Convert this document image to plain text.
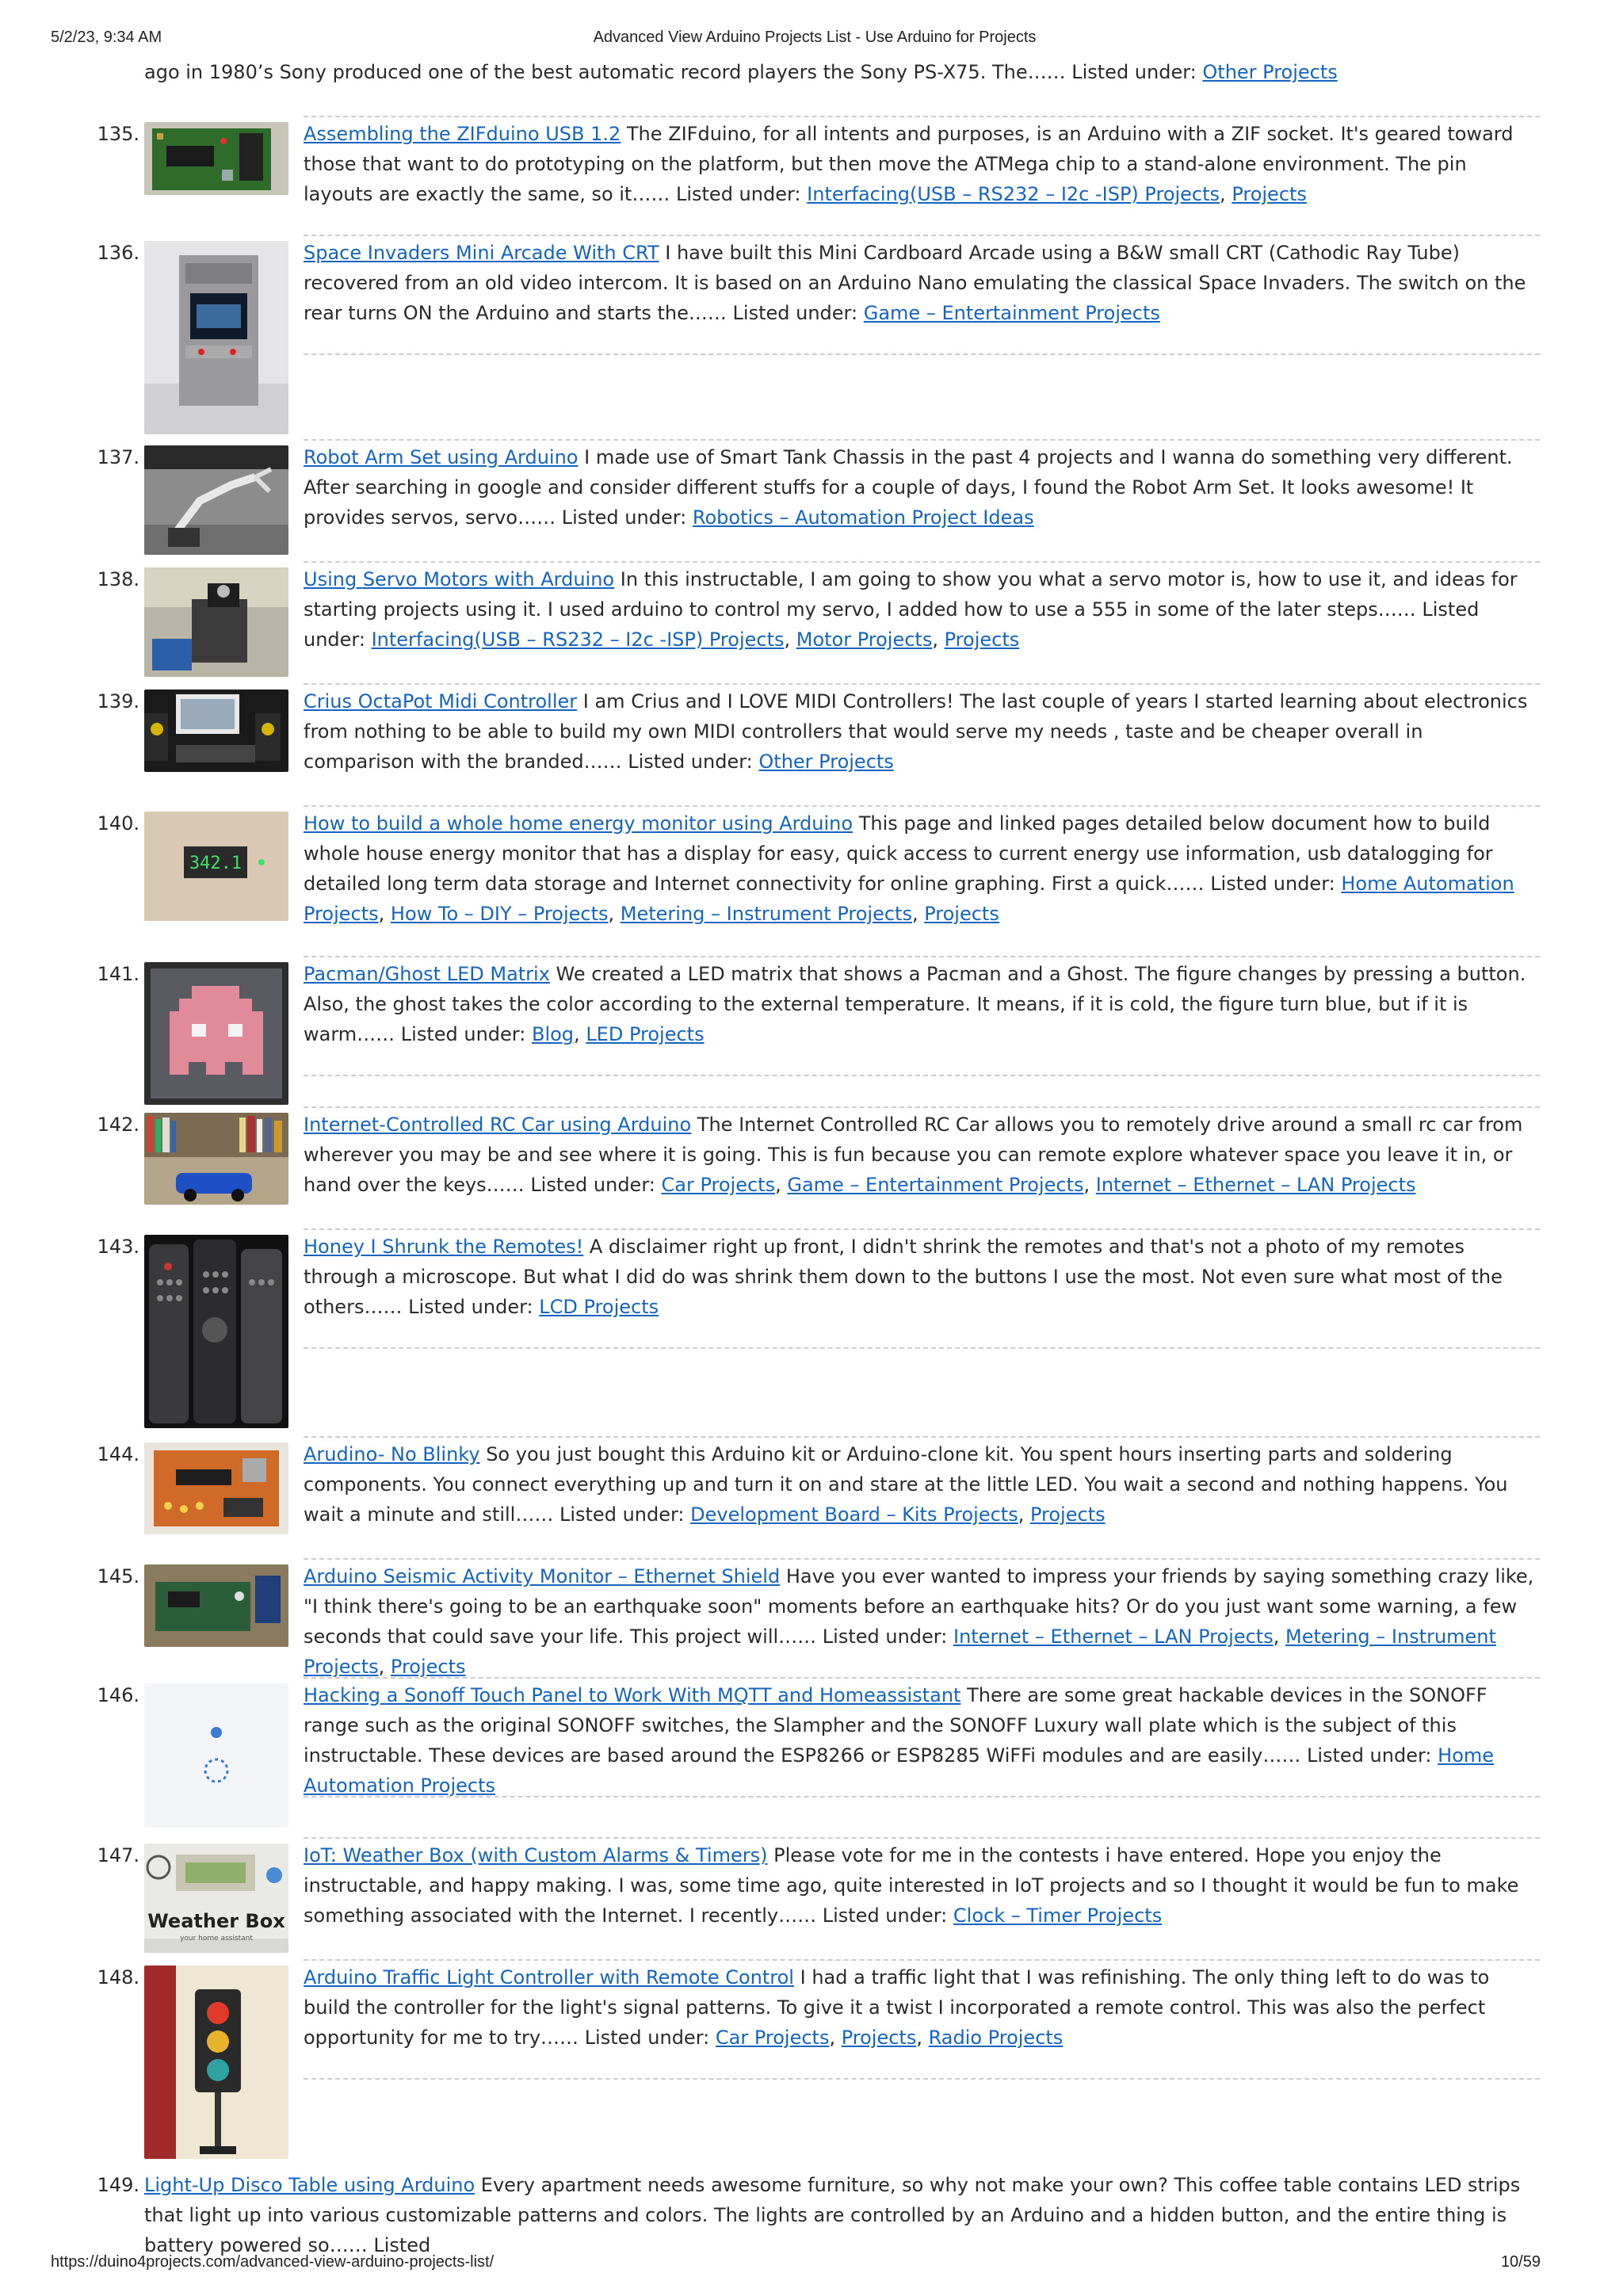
5/2/23, 9:34 AM	Advanced View Arduino Projects List - Use Arduino for Projects

ago in 1980’s Sony produced one of the best automatic record players the Sony PS-X75. The…… Listed under: Other Projects

135.	Assembling the ZIFduino USB 1.2 The ZIFduino, for all intents and purposes, is an Arduino with a ZIF socket. It's geared toward those that want to do prototyping on the platform, but then move the ATMega chip to a stand-alone environment. The pin layouts are exactly the same, so it…… Listed under: Interfacing(USB – RS232 – I2c -ISP) Projects, Projects

136.	Space Invaders Mini Arcade With CRT I have built this Mini Cardboard Arcade using a B&W small CRT (Cathodic Ray Tube) recovered from an old video intercom. It is based on an Arduino Nano emulating the classical Space Invaders. The switch on the rear turns ON the Arduino and starts the…… Listed under: Game – Entertainment Projects

137.	Robot Arm Set using Arduino I made use of Smart Tank Chassis in the past 4 projects and I wanna do something very different. After searching in google and consider different stuffs for a couple of days, I found the Robot Arm Set. It looks awesome! It provides servos, servo…… Listed under: Robotics – Automation Project Ideas

138.	Using Servo Motors with Arduino In this instructable, I am going to show you what a servo motor is, how to use it, and ideas for starting projects using it. I used arduino to control my servo, I added how to use a 555 in some of the later steps…… Listed under: Interfacing(USB – RS232 – I2c -ISP) Projects, Motor Projects, Projects

139.	Crius OctaPot Midi Controller I am Crius and I LOVE MIDI Controllers! The last couple of years I started learning about electronics from nothing to be able to build my own MIDI controllers that would serve my needs , taste and be cheaper overall in comparison with the branded…… Listed under: Other Projects

140.
342.1

How to build a whole home energy monitor using Arduino This page and linked pages detailed below document how to build whole house energy monitor that has a display for easy, quick access to current energy use information, usb datalogging for detailed long term data storage and Internet connectivity for online graphing. First a quick…… Listed under: Home Automation Projects, How To – DIY – Projects, Metering – Instrument Projects, Projects

141.	Pacman/Ghost LED Matrix We created a LED matrix that shows a Pacman and a Ghost. The figure changes by pressing a button. Also, the ghost takes the color according to the external temperature. It means, if it is cold, the figure turn blue, but if it is warm…… Listed under: Blog, LED Projects

142.	Internet-Controlled RC Car using Arduino The Internet Controlled RC Car allows you to remotely drive around a small rc car from wherever you may be and see where it is going. This is fun because you can remote explore whatever space you leave it in, or hand over the keys…… Listed under: Car Projects, Game – Entertainment Projects, Internet – Ethernet – LAN Projects

143.	Honey I Shrunk the Remotes! A disclaimer right up front, I didn't shrink the remotes and that's not a photo of my remotes through a microscope. But what I did do was shrink them down to the buttons I use the most. Not even sure what most of the others…… Listed under: LCD Projects

144.	Arudino- No Blinky So you just bought this Arduino kit or Arduino-clone kit. You spent hours inserting parts and soldering components. You connect everything up and turn it on and stare at the little LED. You wait a second and nothing happens. You wait a minute and still…… Listed under: Development Board – Kits Projects, Projects

145.	Arduino Seismic Activity Monitor – Ethernet Shield Have you ever wanted to impress your friends by saying something crazy like, "I think there's going to be an earthquake soon" moments before an earthquake hits? Or do you just want some warning, a few seconds that could save your life. This project will…… Listed under: Internet – Ethernet – LAN Projects, Metering – Instrument Projects, Projects

146.	Hacking a Sonoff Touch Panel to Work With MQTT and Homeassistant There are some great hackable devices in the SONOFF range such as the original SONOFF switches, the Slampher and the SONOFF Luxury wall plate which is the subject of this instructable. These devices are based around the ESP8266 or ESP8285 WiFFi modules and are easily…… Listed under: Home Automation Projects

147.
Weather Box
your home assistant

IoT: Weather Box (with Custom Alarms & Timers) Please vote for me in the contests i have entered. Hope you enjoy the instructable, and happy making. I was, some time ago, quite interested in IoT projects and so I thought it would be fun to make something associated with the Internet. I recently…… Listed under: Clock – Timer Projects

148.	Arduino Traffic Light Controller with Remote Control I had a traffic light that I was refinishing. The only thing left to do was to build the controller for the light's signal patterns. To give it a twist I incorporated a remote control. This was also the perfect opportunity for me to try…… Listed under: Car Projects, Projects, Radio Projects

149. Light-Up Disco Table using Arduino Every apartment needs awesome furniture, so why not make your own? This coffee table contains LED strips that light up into various customizable patterns and colors. The lights are controlled by an Arduino and a hidden button, and the entire thing is battery powered so…… Listed

https://duino4projects.com/advanced-view-arduino-projects-list/	10/59
